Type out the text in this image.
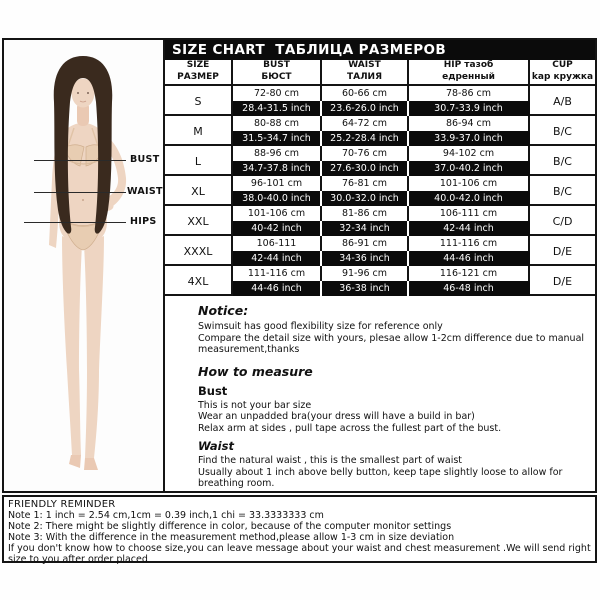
BUST
WAIST
HIPS
SIZE CHART  ТАБЛИЦА РАЗМЕРОВ
SIZE
РАЗМЕР
BUST
БЮСТ
WAIST
ТАЛИЯ
HIP тазоб
едренный
CUP
kар кружка
S
72-80 cm
28.4-31.5 inch
60-66 cm
23.6-26.0 inch
78-86 cm
30.7-33.9 inch
A/B
M
80-88 cm
31.5-34.7 inch
64-72 cm
25.2-28.4 inch
86-94 cm
33.9-37.0 inch
B/C
L
88-96 cm
34.7-37.8 inch
70-76 cm
27.6-30.0 inch
94-102 cm
37.0-40.2 inch
B/C
XL
96-101 cm
38.0-40.0 inch
76-81 cm
30.0-32.0 inch
101-106 cm
40.0-42.0 inch
B/C
XXL
101-106 cm
40-42 inch
81-86 cm
32-34 inch
106-111 cm
42-44 inch
C/D
XXXL
106-111
42-44 inch
86-91 cm
34-36 inch
111-116 cm
44-46 inch
D/E
4XL
111-116 cm
44-46 inch
91-96 cm
36-38 inch
116-121 cm
46-48 inch
D/E
Notice:
Swimsuit has good flexibility size for reference only
Compare the detail size with yours, plesae allow 1-2cm difference due to manual measurement,thanks
How to measure
Bust
This is not your bar size
Wear an unpadded bra(your dress will have a build in bar)
Relax arm at sides , pull tape across the fullest part of the bust.
Waist
Find the natural waist , this is the smallest part of waist
Usually about 1 inch above belly button, keep tape slightly loose to allow for breathing room.
FRIENDLY REMINDER
Note 1: 1 inch = 2.54 cm,1cm = 0.39 inch,1 chi = 33.3333333 cm
Note 2: There might be slightly difference in color, because of the computer monitor settings
Note 3: With the difference in the measurement method,please allow 1-3 cm in size deviation
If you don't know how to choose size,you can leave message about your waist and chest measurement .We will send right size to you after order placed
